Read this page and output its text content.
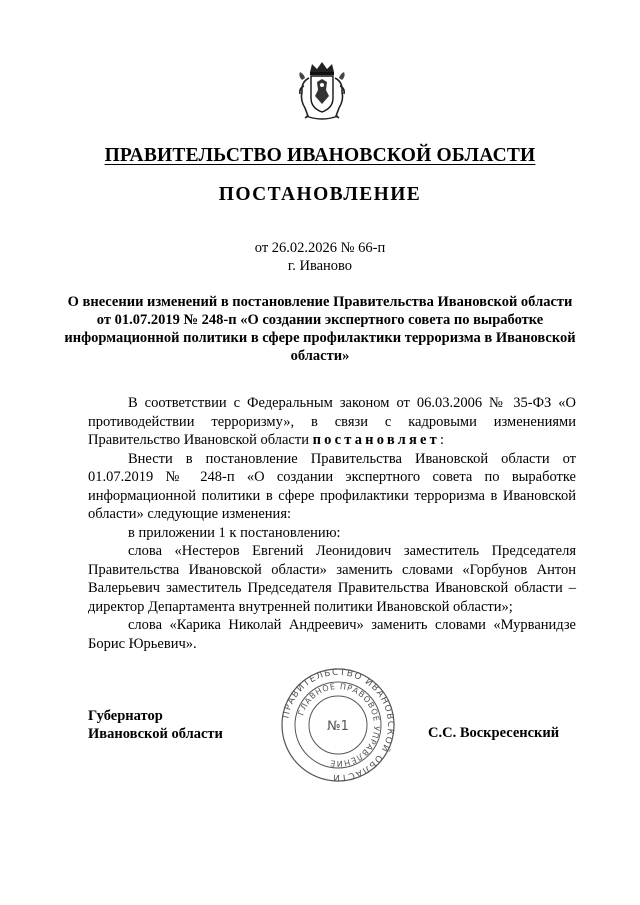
ПРАВИТЕЛЬСТВО ИВАНОВСКОЙ ОБЛАСТИ
ПОСТАНОВЛЕНИЕ
от 26.02.2026 № 66-п
г. Иваново
О внесении изменений в постановление Правительства Ивановской области от 01.07.2019 № 248-п «О создании экспертного совета по выработке информационной политики в сфере профилактики терроризма в Ивановской области»

В соответствии с Федеральным законом от 06.03.2006 № 35-ФЗ «О противодействии терроризму», в связи с кадровыми изменениями Правительство Ивановской области постановляет:

Внести в постановление Правительства Ивановской области от 01.07.2019 № 248-п «О создании экспертного совета по выработке информационной политики в сфере профилактики терроризма в Ивановской области» следующие изменения:

в приложении 1 к постановлению:

слова «Нестеров Евгений Леонидович заместитель Председателя Правительства Ивановской области» заменить словами «Горбунов Антон Валерьевич заместитель Председателя Правительства Ивановской области – директор Департамента внутренней политики Ивановской области»;

слова «Карика Николай Андреевич» заменить словами «Мурванидзе Борис Юрьевич».

Губернатор
Ивановской области	С.С. Воскресенский
ПРАВИТЕЛЬСТВО ИВАНОВСКОЙ ОБЛАСТИ
ГЛАВНОЕ ПРАВОВОЕ УПРАВЛЕНИЕ
№1
